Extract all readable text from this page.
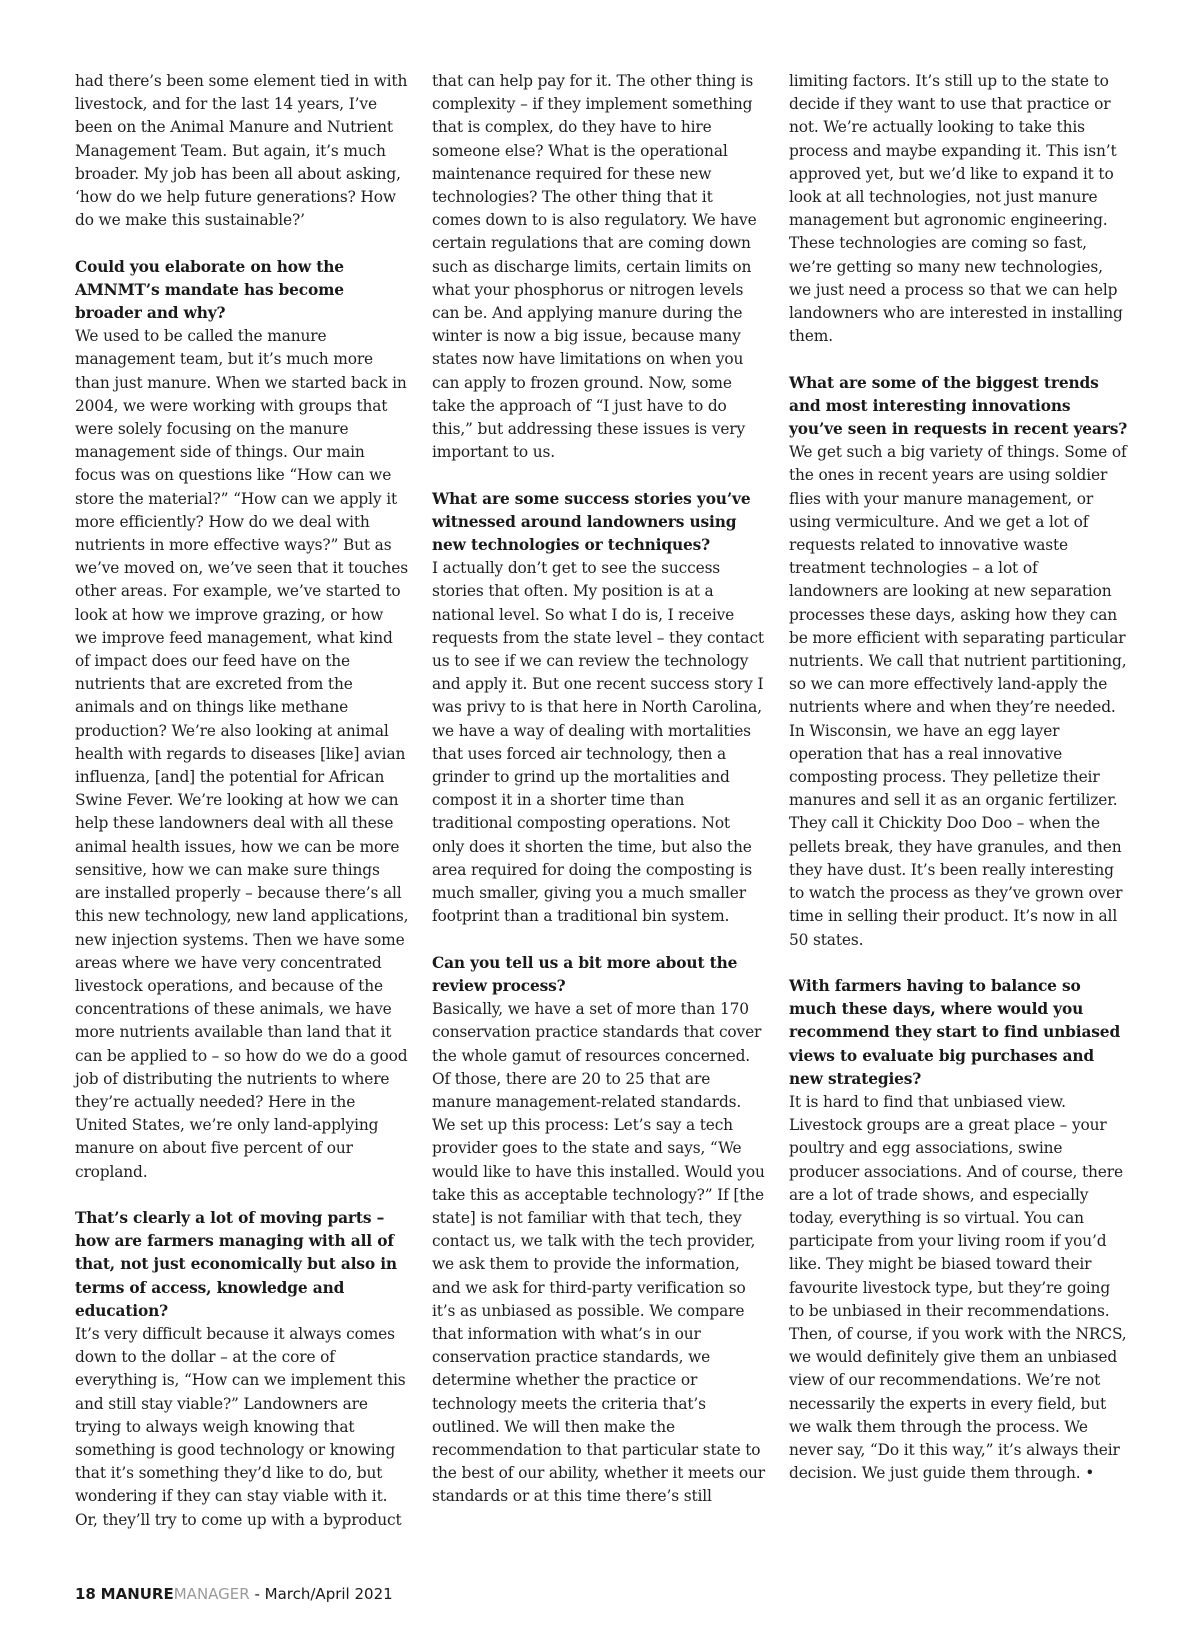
had there’s been some element tied in with livestock, and for the last 14 years, I’ve been on the Animal Manure and Nutrient Management Team. But again, it’s much broader. My job has been all about asking, ‘how do we help future generations? How do we make this sustainable?’

Could you elaborate on how the AMNMT’s mandate has become broader and why?

We used to be called the manure management team, but it’s much more than just manure. When we started back in 2004, we were working with groups that were solely focusing on the manure management side of things. Our main focus was on questions like “How can we store the material?” “How can we apply it more efficiently? How do we deal with nutrients in more effective ways?” But as we’ve moved on, we’ve seen that it touches other areas. For example, we’ve started to look at how we improve grazing, or how we improve feed management, what kind of impact does our feed have on the nutrients that are excreted from the animals and on things like methane production? We’re also looking at animal health with regards to diseases [like] avian influenza, [and] the potential for African Swine Fever. We’re looking at how we can help these landowners deal with all these animal health issues, how we can be more sensitive, how we can make sure things are installed properly – because there’s all this new technology, new land applications, new injection systems. Then we have some areas where we have very concentrated livestock operations, and because of the concentrations of these animals, we have more nutrients available than land that it can be applied to – so how do we do a good job of distributing the nutrients to where they’re actually needed? Here in the United States, we’re only land-applying manure on about five percent of our cropland.

That’s clearly a lot of moving parts – how are farmers managing with all of that, not just economically but also in terms of access, knowledge and education?

It’s very difficult because it always comes down to the dollar – at the core of everything is, “How can we implement this and still stay viable?” Landowners are trying to always weigh knowing that something is good technology or knowing that it’s something they’d like to do, but wondering if they can stay viable with it. Or, they’ll try to come up with a byproduct

that can help pay for it. The other thing is complexity – if they implement something that is complex, do they have to hire someone else? What is the operational maintenance required for these new technologies? The other thing that it comes down to is also regulatory. We have certain regulations that are coming down such as discharge limits, certain limits on what your phosphorus or nitrogen levels can be. And applying manure during the winter is now a big issue, because many states now have limitations on when you can apply to frozen ground. Now, some take the approach of “I just have to do this,” but addressing these issues is very important to us.

What are some success stories you’ve witnessed around landowners using new technologies or techniques?

I actually don’t get to see the success stories that often. My position is at a national level. So what I do is, I receive requests from the state level – they contact us to see if we can review the technology and apply it. But one recent success story I was privy to is that here in North Carolina, we have a way of dealing with mortalities that uses forced air technology, then a grinder to grind up the mortalities and compost it in a shorter time than traditional composting operations. Not only does it shorten the time, but also the area required for doing the composting is much smaller, giving you a much smaller footprint than a traditional bin system.

Can you tell us a bit more about the review process?

Basically, we have a set of more than 170 conservation practice standards that cover the whole gamut of resources concerned. Of those, there are 20 to 25 that are manure management-related standards. We set up this process: Let’s say a tech provider goes to the state and says, “We would like to have this installed. Would you take this as acceptable technology?” If [the state] is not familiar with that tech, they contact us, we talk with the tech provider, we ask them to provide the information, and we ask for third-party verification so it’s as unbiased as possible. We compare that information with what’s in our conservation practice standards, we determine whether the practice or technology meets the criteria that’s outlined. We will then make the recommendation to that particular state to the best of our ability, whether it meets our standards or at this time there’s still

limiting factors. It’s still up to the state to decide if they want to use that practice or not. We’re actually looking to take this process and maybe expanding it. This isn’t approved yet, but we’d like to expand it to look at all technologies, not just manure management but agronomic engineering. These technologies are coming so fast, we’re getting so many new technologies, we just need a process so that we can help landowners who are interested in installing them.

What are some of the biggest trends and most interesting innovations you’ve seen in requests in recent years?

We get such a big variety of things. Some of the ones in recent years are using soldier flies with your manure management, or using vermiculture. And we get a lot of requests related to innovative waste treatment technologies – a lot of landowners are looking at new separation processes these days, asking how they can be more efficient with separating particular nutrients. We call that nutrient partitioning, so we can more effectively land-apply the nutrients where and when they’re needed. In Wisconsin, we have an egg layer operation that has a real innovative composting process. They pelletize their manures and sell it as an organic fertilizer. They call it Chickity Doo Doo – when the pellets break, they have granules, and then they have dust. It’s been really interesting to watch the process as they’ve grown over time in selling their product. It’s now in all 50 states.

With farmers having to balance so much these days, where would you recommend they start to find unbiased views to evaluate big purchases and new strategies?

It is hard to find that unbiased view. Livestock groups are a great place – your poultry and egg associations, swine producer associations. And of course, there are a lot of trade shows, and especially today, everything is so virtual. You can participate from your living room if you’d like. They might be biased toward their favourite livestock type, but they’re going to be unbiased in their recommendations. Then, of course, if you work with the NRCS, we would definitely give them an unbiased view of our recommendations. We’re not necessarily the experts in every field, but we walk them through the process. We never say, “Do it this way,” it’s always their decision. We just guide them through. •

18 MANUREMANAGER - March/April 2021
